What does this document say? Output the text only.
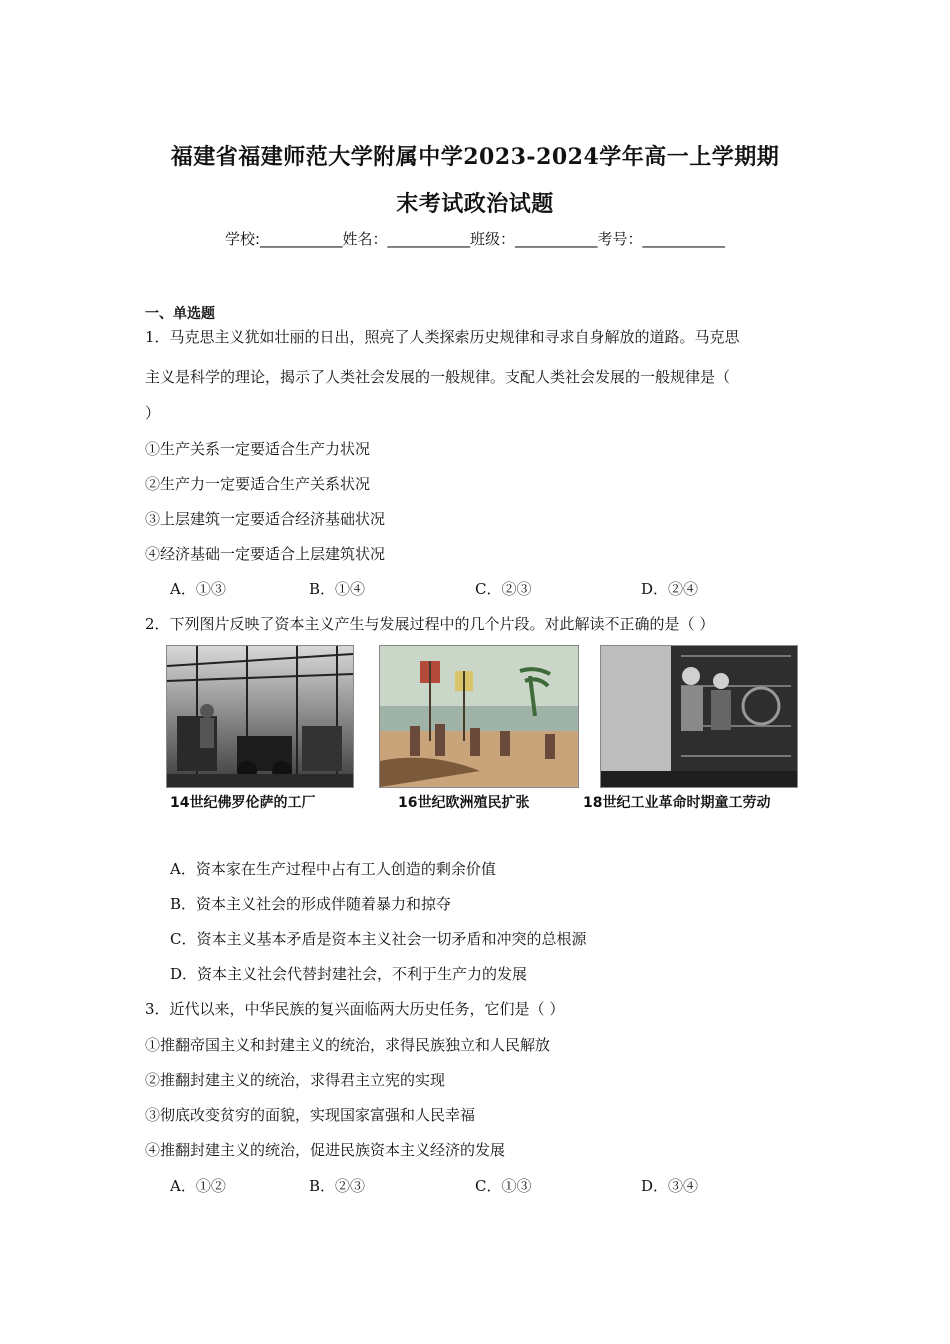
福建省福建师范大学附属中学2023-2024学年高一上学期期
末考试政治试题
学校:___________姓名：___________班级：___________考号：___________
一、单选题
1．马克思主义犹如壮丽的日出，照亮了人类探索历史规律和寻求自身解放的道路。马克思
主义是科学的理论，揭示了人类社会发展的一般规律。支配人类社会发展的一般规律是（
）
①生产关系一定要适合生产力状况
②生产力一定要适合生产关系状况
③上层建筑一定要适合经济基础状况
④经济基础一定要适合上层建筑状况
A．①③	B．①④	C．②③	D．②④
2．下列图片反映了资本主义产生与发展过程中的几个片段。对此解读不正确的是（ ）
14世纪佛罗伦萨的工厂	16世纪欧洲殖民扩张	18世纪工业革命时期童工劳动
A．资本家在生产过程中占有工人创造的剩余价值
B．资本主义社会的形成伴随着暴力和掠夺
C．资本主义基本矛盾是资本主义社会一切矛盾和冲突的总根源
D．资本主义社会代替封建社会，不利于生产力的发展
3．近代以来，中华民族的复兴面临两大历史任务，它们是（ ）
①推翻帝国主义和封建主义的统治，求得民族独立和人民解放
②推翻封建主义的统治，求得君主立宪的实现
③彻底改变贫穷的面貌，实现国家富强和人民幸福
④推翻封建主义的统治，促进民族资本主义经济的发展
A．①②	B．②③	C．①③	D．③④
